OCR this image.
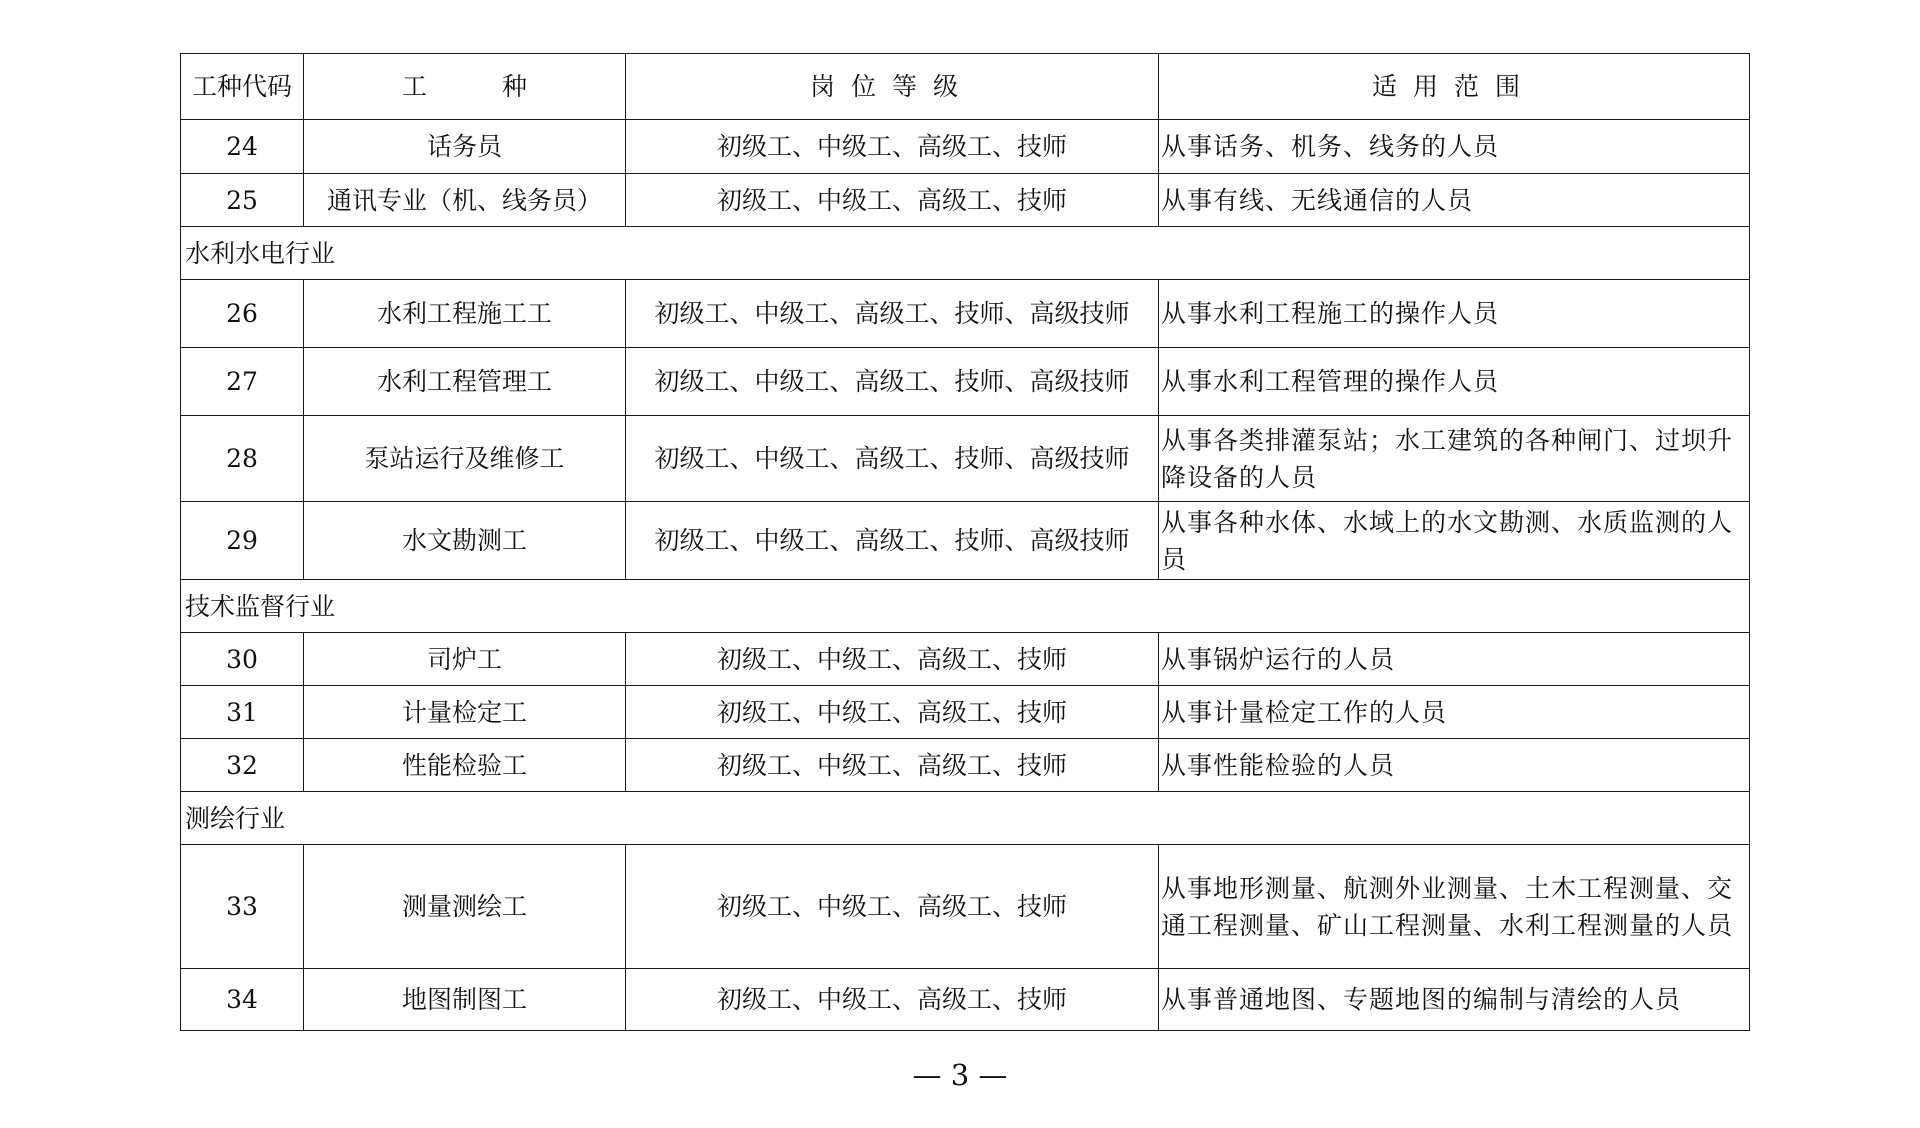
工种代码	工　　　种	岗位等级	适用范围
24	话务员	初级工、中级工、高级工、技师	从事话务、机务、线务的人员
25	通讯专业（机、线务员）	初级工、中级工、高级工、技师	从事有线、无线通信的人员
水利水电行业			
26	水利工程施工工	初级工、中级工、高级工、技师、高级技师	从事水利工程施工的操作人员
27	水利工程管理工	初级工、中级工、高级工、技师、高级技师	从事水利工程管理的操作人员
28	泵站运行及维修工	初级工、中级工、高级工、技师、高级技师	从事各类排灌泵站；水工建筑的各种闸门、过坝升降设备的人员
29	水文勘测工	初级工、中级工、高级工、技师、高级技师	从事各种水体、水域上的水文勘测、水质监测的人员
技术监督行业			
30	司炉工	初级工、中级工、高级工、技师	从事锅炉运行的人员
31	计量检定工	初级工、中级工、高级工、技师	从事计量检定工作的人员
32	性能检验工	初级工、中级工、高级工、技师	从事性能检验的人员
测绘行业			
33	测量测绘工	初级工、中级工、高级工、技师	从事地形测量、航测外业测量、土木工程测量、交通工程测量、矿山工程测量、水利工程测量的人员
34	地图制图工	初级工、中级工、高级工、技师	从事普通地图、专题地图的编制与清绘的人员
— 3 —
